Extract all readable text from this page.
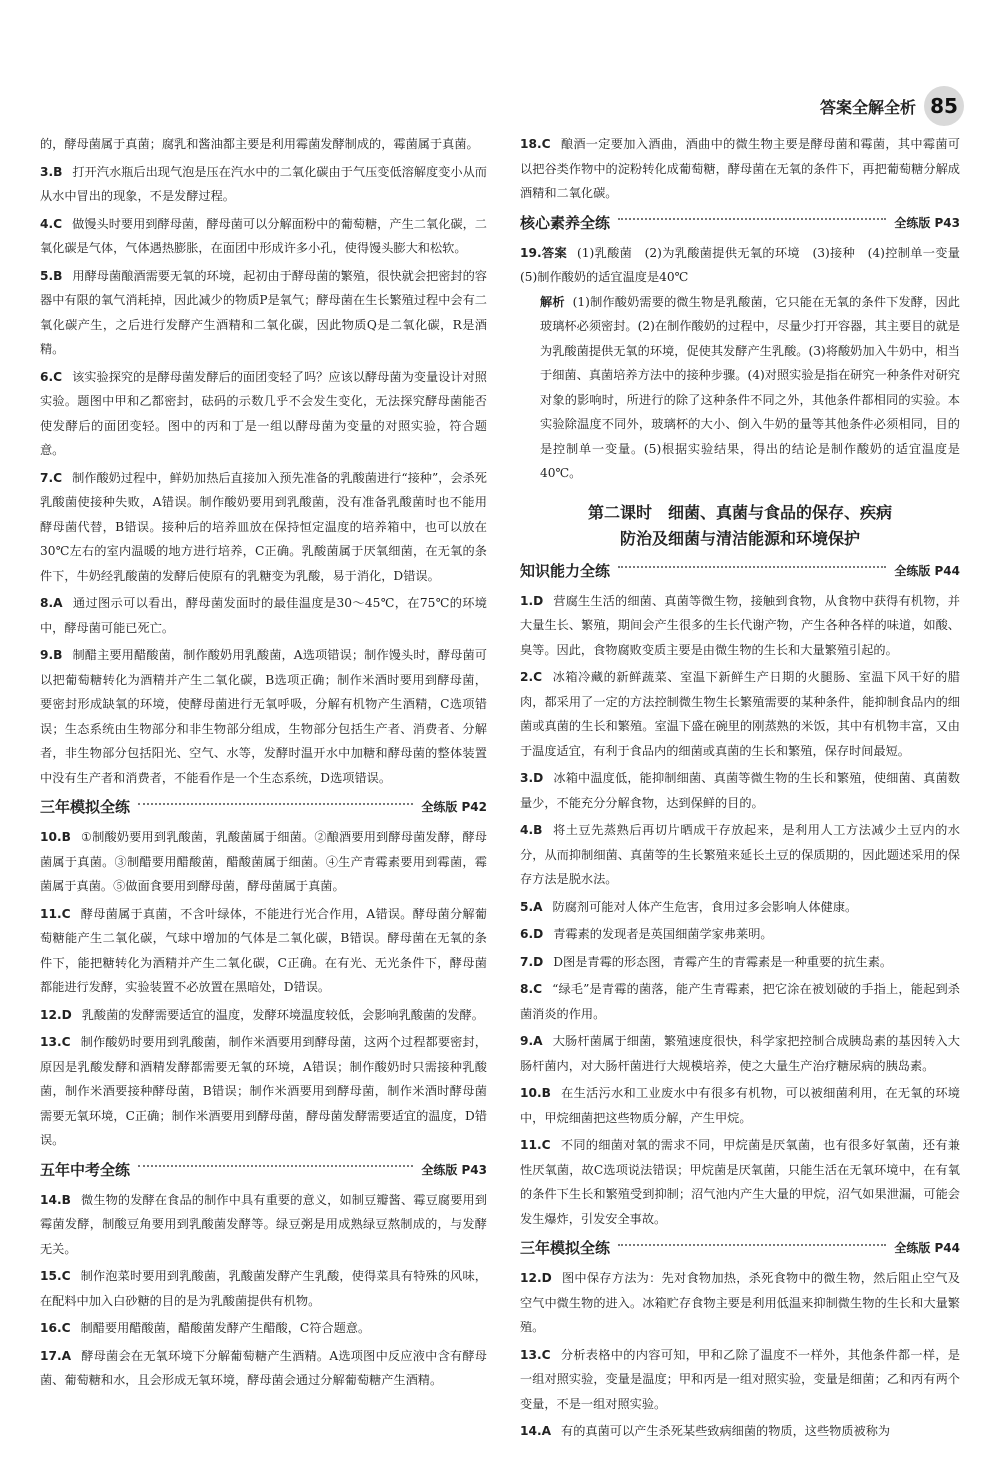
答案全解全析 85
的，酵母菌属于真菌；腐乳和酱油都主要是利用霉菌发酵制成的，霉菌属于真菌。
3.B 打开汽水瓶后出现气泡是压在汽水中的二氧化碳由于气压变低溶解度变小从而从水中冒出的现象，不是发酵过程。
4.C 做馒头时要用到酵母菌，酵母菌可以分解面粉中的葡萄糖，产生二氧化碳，二氧化碳是气体，气体遇热膨胀，在面团中形成许多小孔，使得馒头膨大和松软。
5.B 用酵母菌酿酒需要无氧的环境，起初由于酵母菌的繁殖，很快就会把密封的容器中有限的氧气消耗掉，因此减少的物质P是氧气；酵母菌在生长繁殖过程中会有二氧化碳产生，之后进行发酵产生酒精和二氧化碳，因此物质Q是二氧化碳，R是酒精。
6.C 该实验探究的是酵母菌发酵后的面团变轻了吗？应该以酵母菌为变量设计对照实验。题图中甲和乙都密封，砝码的示数几乎不会发生变化，无法探究酵母菌能否使发酵后的面团变轻。图中的丙和丁是一组以酵母菌为变量的对照实验，符合题意。
7.C 制作酸奶过程中，鲜奶加热后直接加入预先准备的乳酸菌进行“接种”，会杀死乳酸菌使接种失败，A错误。制作酸奶要用到乳酸菌，没有准备乳酸菌时也不能用酵母菌代替，B错误。接种后的培养皿放在保持恒定温度的培养箱中，也可以放在30℃左右的室内温暖的地方进行培养，C正确。乳酸菌属于厌氧细菌，在无氧的条件下，牛奶经乳酸菌的发酵后使原有的乳糖变为乳酸，易于消化，D错误。
8.A 通过图示可以看出，酵母菌发面时的最佳温度是30～45℃，在75℃的环境中，酵母菌可能已死亡。
9.B 制醋主要用醋酸菌，制作酸奶用乳酸菌，A选项错误；制作馒头时，酵母菌可以把葡萄糖转化为酒精并产生二氧化碳，B选项正确；制作米酒时要用到酵母菌，要密封形成缺氧的环境，使酵母菌进行无氧呼吸，分解有机物产生酒精，C选项错误；生态系统由生物部分和非生物部分组成，生物部分包括生产者、消费者、分解者，非生物部分包括阳光、空气、水等，发酵时温开水中加糖和酵母菌的整体装置中没有生产者和消费者，不能看作是一个生态系统，D选项错误。
三年模拟全练	全练版 P42
10.B ①制酸奶要用到乳酸菌，乳酸菌属于细菌。②酿酒要用到酵母菌发酵，酵母菌属于真菌。③制醋要用醋酸菌，醋酸菌属于细菌。④生产青霉素要用到霉菌，霉菌属于真菌。⑤做面食要用到酵母菌，酵母菌属于真菌。
11.C 酵母菌属于真菌，不含叶绿体，不能进行光合作用，A错误。酵母菌分解葡萄糖能产生二氧化碳，气球中增加的气体是二氧化碳，B错误。酵母菌在无氧的条件下，能把糖转化为酒精并产生二氧化碳，C正确。在有光、无光条件下，酵母菌都能进行发酵，实验装置不必放置在黑暗处，D错误。
12.D 乳酸菌的发酵需要适宜的温度，发酵环境温度较低，会影响乳酸菌的发酵。
13.C 制作酸奶时要用到乳酸菌，制作米酒要用到酵母菌，这两个过程都要密封，原因是乳酸发酵和酒精发酵都需要无氧的环境，A错误；制作酸奶时只需接种乳酸菌，制作米酒要接种酵母菌，B错误；制作米酒要用到酵母菌，制作米酒时酵母菌需要无氧环境，C正确；制作米酒要用到酵母菌，酵母菌发酵需要适宜的温度，D错误。
五年中考全练	全练版 P43
14.B 微生物的发酵在食品的制作中具有重要的意义，如制豆瓣酱、霉豆腐要用到霉菌发酵，制酸豆角要用到乳酸菌发酵等。绿豆粥是用成熟绿豆熬制成的，与发酵无关。
15.C 制作泡菜时要用到乳酸菌，乳酸菌发酵产生乳酸，使得菜具有特殊的风味，在配料中加入白砂糖的目的是为乳酸菌提供有机物。
16.C 制醋要用醋酸菌，醋酸菌发酵产生醋酸，C符合题意。
17.A 酵母菌会在无氧环境下分解葡萄糖产生酒精。A选项图中反应液中含有酵母菌、葡萄糖和水，且会形成无氧环境，酵母菌会通过分解葡萄糖产生酒精。
18.C 酿酒一定要加入酒曲，酒曲中的微生物主要是酵母菌和霉菌，其中霉菌可以把谷类作物中的淀粉转化成葡萄糖，酵母菌在无氧的条件下，再把葡萄糖分解成酒精和二氧化碳。
核心素养全练	全练版 P43
19.答案 (1)乳酸菌　(2)为乳酸菌提供无氧的环境　(3)接种　(4)控制单一变量　(5)制作酸奶的适宜温度是40℃
解析 (1)制作酸奶需要的微生物是乳酸菌，它只能在无氧的条件下发酵，因此玻璃杯必须密封。(2)在制作酸奶的过程中，尽量少打开容器，其主要目的就是为乳酸菌提供无氧的环境，促使其发酵产生乳酸。(3)将酸奶加入牛奶中，相当于细菌、真菌培养方法中的接种步骤。(4)对照实验是指在研究一种条件对研究对象的影响时，所进行的除了这种条件不同之外，其他条件都相同的实验。本实验除温度不同外，玻璃杯的大小、倒入牛奶的量等其他条件必须相同，目的是控制单一变量。(5)根据实验结果，得出的结论是制作酸奶的适宜温度是40℃。
第二课时　细菌、真菌与食品的保存、疾病
防治及细菌与清洁能源和环境保护
知识能力全练	全练版 P44
1.D 营腐生生活的细菌、真菌等微生物，接触到食物，从食物中获得有机物，并大量生长、繁殖，期间会产生很多的生长代谢产物，产生各种各样的味道，如酸、臭等。因此，食物腐败变质主要是由微生物的生长和大量繁殖引起的。
2.C 冰箱冷藏的新鲜蔬菜、室温下新鲜生产日期的火腿肠、室温下风干好的腊肉，都采用了一定的方法控制微生物生长繁殖需要的某种条件，能抑制食品内的细菌或真菌的生长和繁殖。室温下盛在碗里的刚蒸熟的米饭，其中有机物丰富，又由于温度适宜，有利于食品内的细菌或真菌的生长和繁殖，保存时间最短。
3.D 冰箱中温度低，能抑制细菌、真菌等微生物的生长和繁殖，使细菌、真菌数量少，不能充分分解食物，达到保鲜的目的。
4.B 将土豆先蒸熟后再切片晒成干存放起来，是利用人工方法减少土豆内的水分，从而抑制细菌、真菌等的生长繁殖来延长土豆的保质期的，因此题述采用的保存方法是脱水法。
5.A 防腐剂可能对人体产生危害，食用过多会影响人体健康。
6.D 青霉素的发现者是英国细菌学家弗莱明。
7.D D图是青霉的形态图，青霉产生的青霉素是一种重要的抗生素。
8.C “绿毛”是青霉的菌落，能产生青霉素，把它涂在被划破的手指上，能起到杀菌消炎的作用。
9.A 大肠杆菌属于细菌，繁殖速度很快，科学家把控制合成胰岛素的基因转入大肠杆菌内，对大肠杆菌进行大规模培养，使之大量生产治疗糖尿病的胰岛素。
10.B 在生活污水和工业废水中有很多有机物，可以被细菌利用，在无氧的环境中，甲烷细菌把这些物质分解，产生甲烷。
11.C 不同的细菌对氧的需求不同，甲烷菌是厌氧菌，也有很多好氧菌，还有兼性厌氧菌，故C选项说法错误；甲烷菌是厌氧菌，只能生活在无氧环境中，在有氧的条件下生长和繁殖受到抑制；沼气池内产生大量的甲烷，沼气如果泄漏，可能会发生爆炸，引发安全事故。
三年模拟全练	全练版 P44
12.D 图中保存方法为：先对食物加热，杀死食物中的微生物，然后阻止空气及空气中微生物的进入。冰箱贮存食物主要是利用低温来抑制微生物的生长和大量繁殖。
13.C 分析表格中的内容可知，甲和乙除了温度不一样外，其他条件都一样，是一组对照实验，变量是温度；甲和丙是一组对照实验，变量是细菌；乙和丙有两个变量，不是一组对照实验。
14.A 有的真菌可以产生杀死某些致病细菌的物质，这些物质被称为
